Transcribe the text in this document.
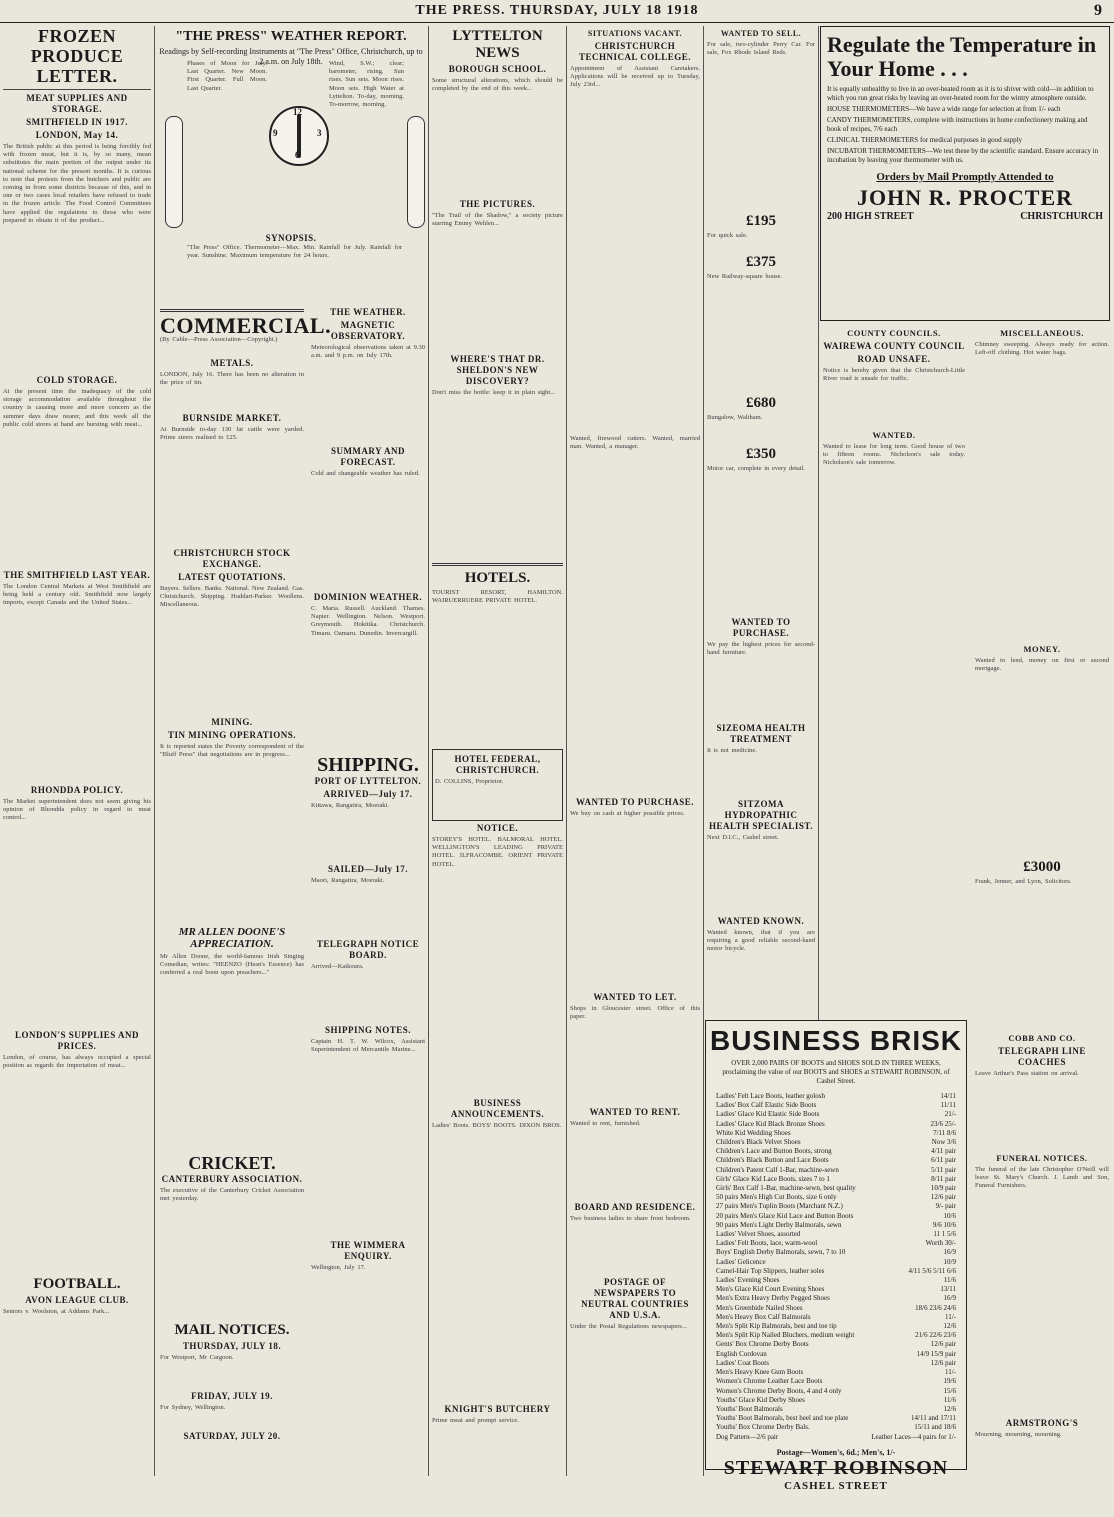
THE PRESS. THURSDAY, JULY 18 1918	9
FROZEN PRODUCE
LETTER.
MEAT SUPPLIES AND STORAGE.
SMITHFIELD IN 1917.
LONDON, May 14.
The British public at this period is being forcibly fed with frozen meat, but it is, by so many, mean substitutes the main portion of the output under its national scheme for the present months. It is curious to note that protests from the butchers and public are coming in from some districts because of this, and in one or two cases local retailers have refused to trade in the frozen article. The Food Control Committees have applied the regulations to those who were prepared to obtain it of the product...
COLD STORAGE.
At the present time the inadequacy of the cold storage accommodation available throughout the country is causing more and more concern as the summer days draw nearer, and this week all the public cold stores at hand are bursting with meat...
THE SMITHFIELD LAST YEAR.
The London Central Markets at West Smithfield are being held a century old. Smithfield now largely imports, except Canada and the United States...
RHONDDA POLICY.
The Market superintendent does not seem giving his opinion of Rhondda policy in regard to meat control...
LONDON'S SUPPLIES AND PRICES.
London, of course, has always occupied a special position as regards the importation of meat...
FOOTBALL.
AVON LEAGUE CLUB.
Seniors v. Woolston, at Addams Park...
"THE PRESS" WEATHER REPORT.
Readings by Self-recording Instruments at "The Press" Office, Christchurch, up to 2 a.m. on July 18th.
12
3
6
9
Phases of Moon for July. Last Quarter. New Moon. First Quarter. Full Moon. Last Quarter.
Wind, S.W.; clear; barometer, rising. Sun rises. Sun sets. Moon rises. Moon sets. High Water at Lyttelton. To-day, morning. To-morrow, morning.
SYNOPSIS.
"The Press" Office. Thermometer—Max. Min. Rainfall for July. Rainfall for year. Sunshine. Maximum temperature for 24 hours.
COMMERCIAL.
(By Cable—Press Association—Copyright.)
METALS.
LONDON, July 16. There has been no alteration in the price of tin.
BURNSIDE MARKET.
At Burnside to-day 130 fat cattle were yarded. Prime steers realised to £25.
CHRISTCHURCH STOCK EXCHANGE.
LATEST QUOTATIONS.
Buyers. Sellers. Banks. National. New Zealand. Gas. Christchurch. Shipping. Huddart-Parker. Woollens. Miscellaneous.
MINING.
TIN MINING OPERATIONS.
It is reported states the Poverty correspondent of the "Bluff Press" that negotiations are in progress...
MR ALLEN DOONE'S APPRECIATION.
Mr Allen Doone, the world-famous Irish Singing Comedian, writes: "HEENZO (Hean's Essence) has conferred a real boon upon preachers..."
CRICKET.
CANTERBURY ASSOCIATION.
The executive of the Canterbury Cricket Association met yesterday.
THE WEATHER.
MAGNETIC OBSERVATORY.
Meteorological observations taken at 9.30 a.m. and 9 p.m. on July 17th.
SUMMARY AND FORECAST.
Cold and changeable weather has ruled.
DOMINION WEATHER.
C. Maria. Russell. Auckland. Thames. Napier. Wellington. Nelson. Westport. Greymouth. Hokitika. Christchurch. Timaru. Oamaru. Dunedin. Invercargill.
SHIPPING.
PORT OF LYTTELTON.
ARRIVED—July 17.
Kittawa, Rangatira, Moeraki.
SAILED—July 17.
Maori, Rangatira, Moeraki.
TELEGRAPH NOTICE BOARD.
Arrived—Kaikoura.
SHIPPING NOTES.
Captain H. T. W. Wilcox, Assistant Superintendent of Mercantile Marine...
THE WIMMERA ENQUIRY.
Wellington, July 17.
MAIL NOTICES.
THURSDAY, JULY 18.
For Westport, Mr Cargoon.
FRIDAY, JULY 19.
For Sydney, Wellington.
SATURDAY, JULY 20.
LYTTELTON NEWS
BOROUGH SCHOOL.
Some structural alterations, which should be completed by the end of this week...
THE PICTURES.
"The Trail of the Shadow," a society picture starring Emmy Wehlen...
WHERE'S THAT DR. SHELDON'S NEW DISCOVERY?
Don't miss the bottle: keep it in plain sight...
HOTELS.
TOURIST RESORT, HAMILTON. WAIRUERRUERE PRIVATE HOTEL.
HOTEL FEDERAL, CHRISTCHURCH.
D. COLLINS, Proprietor.
NOTICE.
STOREY'S HOTEL. BALMORAL HOTEL. WELLINGTON'S LEADING PRIVATE HOTEL. ILFRACOMBE. ORIENT PRIVATE HOTEL.
BUSINESS ANNOUNCEMENTS.
Ladies' Boots. BOYS' BOOTS. DIXON BROS.
KNIGHT'S BUTCHERY
Prime meat and prompt service.
SITUATIONS VACANT.
CHRISTCHURCH TECHNICAL COLLEGE.
Appointment of Assistant Caretakers. Applications will be received up to Tuesday, July 23rd...
Wanted, firewood cutters. Wanted, married man. Wanted, a manager.
WANTED TO PURCHASE.
We buy on cash at higher possible prices.
WANTED TO LET.
Shops in Gloucester street. Office of this paper.
WANTED TO RENT.
Wanted to rent, furnished.
BOARD AND RESIDENCE.
Two business ladies to share front bedroom.
POSTAGE OF NEWSPAPERS TO NEUTRAL COUNTRIES AND U.S.A.
Under the Postal Regulations newspapers...
WANTED TO SELL.
For sale, two-cylinder Perry Car. For sale, Fox Rhode Island Reds.
£195
For quick sale.
£375
New Railway-square house.
£680
Bungalow, Waltham.
£350
Motor car, complete in every detail.
WANTED TO PURCHASE.
We pay the highest prices for second-hand furniture.
SIZEOMA HEALTH TREATMENT
It is not medicine.
SITZOMA HYDROPATHIC HEALTH SPECIALIST.
Next D.I.C., Cashel street.
WANTED KNOWN.
Wanted known, that if you are requiring a good reliable second-hand motor bicycle.
Regulate the Temperature in Your Home . . .
It is equally unhealthy to live in an over-heated room as it is to shiver with cold—in addition to which you run great risks by leaving an over-heated room for the wintry atmosphere outside.
HOUSE THERMOMETERS—We have a wide range for selection at from 1/- each
CANDY THERMOMETERS, complete with instructions in home confectionery making and book of recipes, 7/6 each
CLINICAL THERMOMETERS for medical purposes in good supply
INCUBATOR THERMOMETERS—We test these by the scientific standard. Ensure accuracy in incubation by leaving your thermometer with us.
Orders by Mail Promptly Attended to
JOHN R. PROCTER
200 HIGH STREET	CHRISTCHURCH
COUNTY COUNCILS.
WAIREWA COUNTY COUNCIL
ROAD UNSAFE.
Notice is hereby given that the Christchurch-Little River road is unsafe for traffic.
WANTED.
Wanted to lease for long term. Good house of two to fifteen rooms. Nicholson's sale today. Nicholson's sale tomorrow.
MISCELLANEOUS.
Chimney sweeping. Always ready for action. Left-off clothing. Hot water bags.
MONEY.
Wanted to lend, money on first or second mortgage.
£3000
Frank, Jenner, and Lyon, Solicitors.
COBB AND CO.
TELEGRAPH LINE COACHES
Leave Arthur's Pass station on arrival.
FUNERAL NOTICES.
The funeral of the late Christopher O'Neill will leave St. Mary's Church. J. Lamb and Son, Funeral Furnishers.
ARMSTRONG'S
Mourning, mourning, mourning.
BUSINESS BRISK
OVER 2,000 PAIRS OF BOOTS and SHOES SOLD IN THREE WEEKS, proclaiming the value of our BOOTS and SHOES at STEWART ROBINSON, of Cashel Street.
Ladies' Felt Lace Boots, leather golosh	14/11
Ladies' Box Calf Elastic Side Boots	11/11
Ladies' Glace Kid Elastic Side Boots	21/-
Ladies' Glace Kid Black Bronze Shoes	23/6 25/-
White Kid Wedding Shoes	7/11 8/6
Children's Black Velvet Shoes	Now 3/6
Children's Lace and Button Boots, strong	4/11 pair
Children's Black Button and Lace Boots	6/11 pair
Children's Patent Calf 1-Bar, machine-sewn	5/11 pair
Girls' Glace Kid Lace Boots, sizes 7 to 1	8/11 pair
Girls' Box Calf 1-Bar, machine-sewn, best quality	10/9 pair
50 pairs Men's High Cut Boots, size 6 only	12/6 pair
27 pairs Men's Tuplin Boots (Marchant N.Z.)	9/- pair
20 pairs Men's Glace Kid Lace and Button Boots	10/6
90 pairs Men's Light Derby Balmorals, sewn	9/6 10/6
Ladies' Velvet Shoes, assorted	11 1 5/6
Ladies' Felt Boots, lace, warm-wool	Worth 30/-
Boys' English Derby Balmorals, sewn, 7 to 10	16/9
Ladies' Gelicence	10/9
Camel-Hair Top Slippers, leather soles	4/11 5/6 5/11 6/6
Ladies' Evening Shoes	11/6
Men's Glace Kid Court Evening Shoes	13/11
Men's Extra Heavy Derby Pegged Shoes	16/9
Men's Greenhide Nailed Shoes	18/6 23/6 24/6
Men's Heavy Box Calf Balmorals	11/-
Men's Split Kip Balmorals, best and toe tip	12/6
Men's Split Kip Nailed Bluchers, medium weight	21/6 22/6 23/6
Gents' Box Chrome Derby Boots	12/6 pair
English Cordovan	14/9 15/9 pair
Ladies' Coat Boots	12/6 pair
Men's Heavy Knee Gum Boots	11/-
Women's Chrome Leather Lace Boots	19/6
Women's Chrome Derby Boots, 4 and 4 only	15/6
Youths' Glace Kid Derby Shoes	11/6
Youths' Boot Balmorals	12/6
Youths' Boot Balmorals, best heel and toe plate	14/11 and 17/11
Youths' Box Chrome Derby Bals.	15/11 and 18/6
Dog Pattern—2/6 pair	Leather Laces—4 pairs for 1/-
Postage—Women's, 6d.; Men's, 1/-
STEWART ROBINSON
CASHEL STREET
